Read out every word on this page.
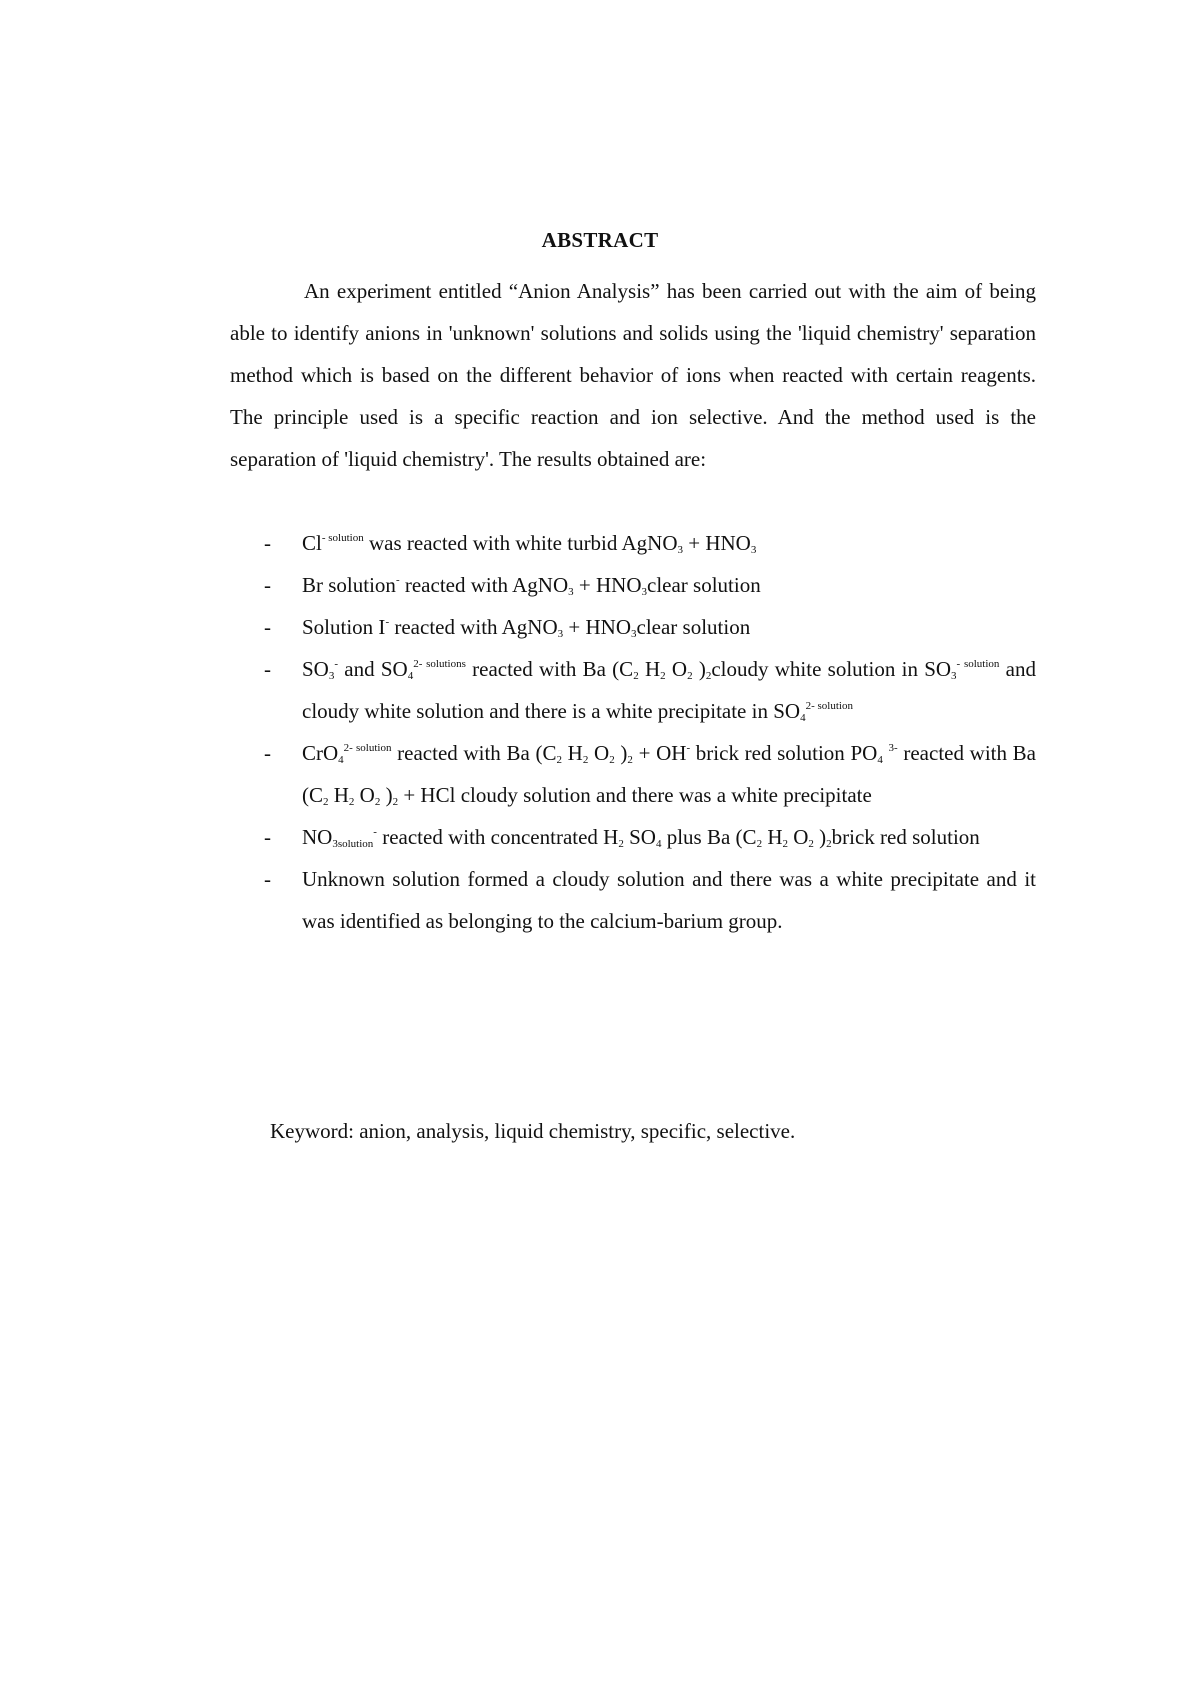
ABSTRACT

An experiment entitled “Anion Analysis” has been carried out with the aim of being able to identify anions in 'unknown' solutions and solids using the 'liquid chemistry' separation method which is based on the different behavior of ions when reacted with certain reagents. The principle used is a specific reaction and ion selective. And the method used is the separation of 'liquid chemistry'. The results obtained are:

- $Cl^{- solution}$ was reacted with white turbid AgNO$_3$ + $HNO_3$
- Br solution- reacted with AgNO$_3$ + $HNO_3clear$ solution
- Solution I- reacted with AgNO$_3$ + $HNO_3clear$ solution
- $SO_3^-$ and $SO_4^{2- solutions}$ reacted with Ba ($C_2$ $H_2$ $O_2$ )$_2cloudy$ white solution in $SO_3^{- solution}$ and cloudy white solution and there is a white precipitate in $SO_4^{2- solution}$
- CrO$_4^{2- solution}$ reacted with Ba ($C_2$ $H_2$ $O_2$ )$_2 + OH^-$ brick red solution $PO_4$ $^{3-}$ reacted with Ba ($C_2$ $H_2$ $O_2$ )$_2$ + HCl cloudy solution and there was a white precipitate
- $NO_{3solution}^-$ reacted with concentrated $H_2$ $SO_4$ plus Ba ($C_2$ $H_2$ $O_2$ )$_2brick$ red solution
- Unknown solution formed a cloudy solution and there was a white precipitate and it was identified as belonging to the calcium-barium group.
Keyword: anion, analysis, liquid chemistry, specific, selective.
